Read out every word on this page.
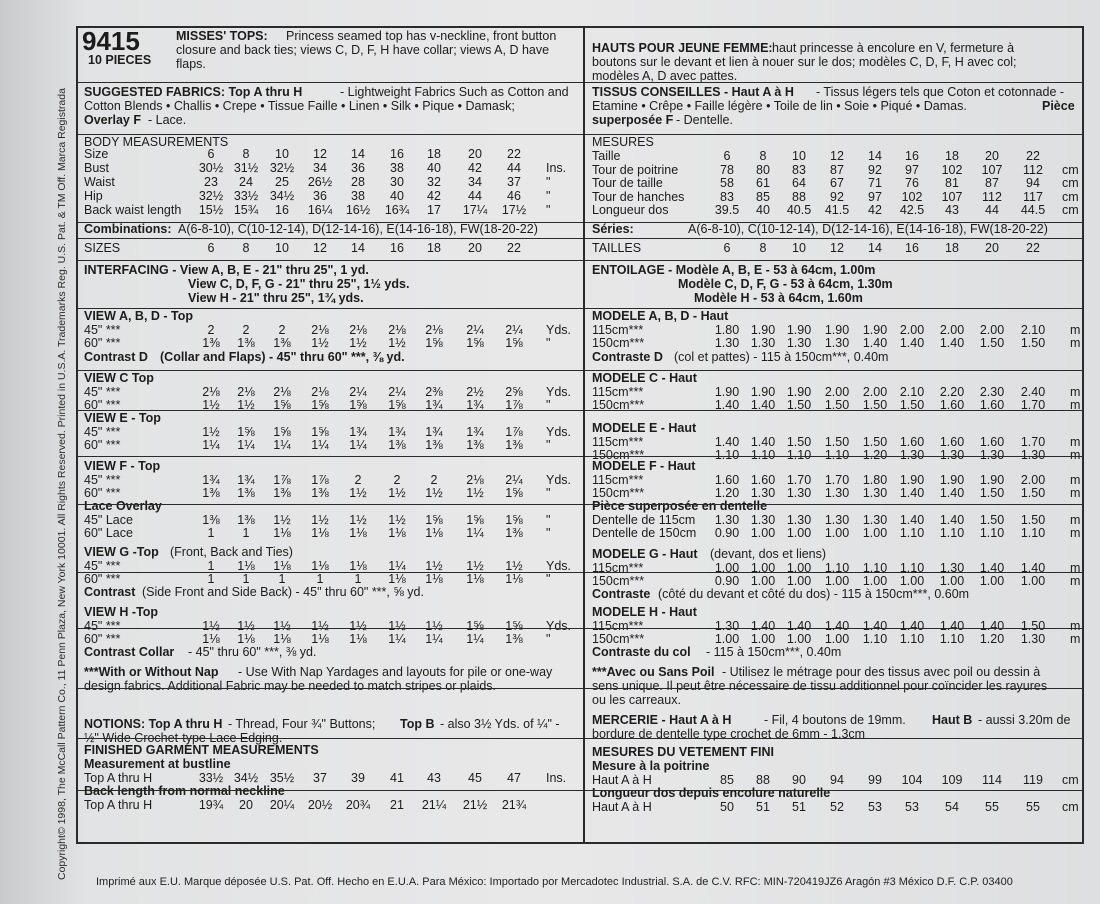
Copyright© 1998, The McCall Pattern Co., 11 Penn Plaza, New York 10001. All Rights Reserved. Printed in U.S.A. Trademarks Reg. U.S. Pat. & TM Off. Marca Registrada
9415
10 PIECES
MISSES' TOPS: Princess seamed top has v-neckline, front button
closure and back ties; views C, D, F, H have collar; views A, D have
flaps.
SUGGESTED FABRICS: Top A thru H	- Lightweight Fabrics Such as Cotton and
Cotton Blends • Challis • Crepe • Tissue Faille • Linen • Silk • Pique • Damask;
Overlay F - Lace.
BODY MEASUREMENTS
Size	6	8	10	12	14	16	18	20	22
Bust	30½ 31½ 32½	34	36	38	40	42	44	Ins.
Waist	23	24	25	26½	28	30	32	34	37	"
Hip	32½ 33½ 34½	36	38	40	42	44	46	"
Back waist length	15½ 15¾	16	16¼	16½	16¾	17	17¼	17½	"
Combinations: A(6-8-10), C(10-12-14), D(12-14-16), E(14-16-18), FW(18-20-22)
SIZES	6	8	10	12	14	16	18	20	22
INTERFACING - View A, B, E - 21" thru 25", 1 yd.
View C, D, F, G - 21" thru 25", 1½ yds.
View H - 21" thru 25", 1¾ yds.
VIEW A, B, D - Top
45" ***	2	2	2	2⅛	2⅛	2⅛	2⅛	2¼	2¼	Yds.
60" ***	1⅜	1⅜	1⅜	1½	1½	1½	1⅝	1⅝	1⅝	"
Contrast D (Collar and Flaps) - 45" thru 60" ***, ⅜ yd.
VIEW C Top
45" ***	2⅛	2⅛	2⅛	2⅛	2¼	2¼	2⅜	2½	2⅝	Yds.
60" ***	1½	1½	1⅝	1⅝	1⅝	1⅝	1¾	1¾	1⅞	"
VIEW E - Top
45" ***	1½	1⅝	1⅝	1⅝	1¾	1¾	1¾	1¾	1⅞	Yds.
60" ***	1¼	1¼	1¼	1¼	1¼	1⅜	1⅜	1⅜	1⅜	"
VIEW F - Top
45" ***	1¾	1¾	1⅞	1⅞	2	2	2	2⅛	2¼	Yds.
60" ***	1⅜	1⅜	1⅜	1⅜	1½	1½	1½	1½	1⅝	"
Lace Overlay
45" Lace	1⅜	1⅜	1½	1½	1½	1½	1⅝	1⅝	1⅝	"
60" Lace	1	1	1⅛	1⅛	1⅛	1⅛	1⅛	1¼	1⅜	"
VIEW G -Top (Front, Back and Ties)
45" ***	1	1⅛	1⅛	1⅛	1⅛	1¼	1½	1½	1½	Yds.
60" ***	1	1	1	1	1	1⅛	1⅛	1⅛	1⅛	"
Contrast (Side Front and Side Back) - 45" thru 60" ***, ⅝ yd.
VIEW H -Top
45" ***	1½	1½	1½	1½	1½	1½	1½	1⅝	1⅝	Yds.
60" ***	1⅛	1⅛	1⅛	1⅛	1⅛	1¼	1¼	1¼	1⅜	"
Contrast Collar - 45" thru 60" ***, ⅜ yd.
***With or Without Nap - Use With Nap Yardages and layouts for pile or one-way
design fabrics. Additional Fabric may be needed to match stripes or plaids.
NOTIONS: Top A thru H - Thread, Four ¾" Buttons; Top B - also 3½ Yds. of ¼" -
½" Wide Crochet-type Lace Edging.
FINISHED GARMENT MEASUREMENTS
Measurement at bustline
Top A thru H	33½ 34½ 35½	37	39	41	43	45	47	Ins.
Back length from normal neckline
Top A thru H	19¾	20	20¼	20½	20¾	21	21¼	21½	21¾
HAUTS POUR JEUNE FEMME: haut princesse à encolure en V, fermeture à
boutons sur le devant et lien à nouer sur le dos; modèles C, D, F, H avec col;
modèles A, D avec pattes.
TISSUS CONSEILLES - Haut A à H - Tissus légers tels que Coton et cotonnade -
Etamine • Crêpe • Faille légère • Toile de lin • Soie • Piqué • Damas.	Pièce
superposée F - Dentelle.
MESURES
Taille	6	8	10	12	14	16	18	20	22
Tour de poitrine	78	80	83	87	92	97	102	107	112	cm
Tour de taille	58	61	64	67	71	76	81	87	94	cm
Tour de hanches	83	85	88	92	97	102	107	112	117	cm
Longueur dos	39.5	40	40.5	41.5	42	42.5	43	44	44.5	cm
Séries:	A(6-8-10), C(10-12-14), D(12-14-16), E(14-16-18), FW(18-20-22)
TAILLES	6	8	10	12	14	16	18	20	22
ENTOILAGE - Modèle A, B, E - 53 à 64cm, 1.00m
Modèle C, D, F, G - 53 à 64cm, 1.30m
Modèle H - 53 à 64cm, 1.60m
MODELE A, B, D - Haut
115cm***	1.80 1.90 1.90	1.90	1.90	2.00	2.00	2.00	2.10	m
150cm***	1.30 1.30 1.30	1.30	1.40	1.40	1.40	1.50	1.50	m
Contraste D (col et pattes) - 115 à 150cm***, 0.40m
MODELE C - Haut
115cm***	1.90 1.90 1.90	2.00	2.00	2.10	2.20	2.30	2.40	m
150cm***	1.40 1.40 1.50	1.50	1.50	1.50	1.60	1.60	1.70	m
MODELE E - Haut
115cm***	1.40 1.40 1.50	1.50	1.50	1.60	1.60	1.60	1.70	m
150cm***	1.10 1.10 1.10	1.10	1.20	1.30	1.30	1.30	1.30	m
MODELE F - Haut
115cm***	1.60 1.60 1.70	1.70	1.80	1.90	1.90	1.90	2.00	m
150cm***	1.20 1.30 1.30	1.30	1.30	1.40	1.40	1.50	1.50	m
Pièce superposée en dentelle
Dentelle de 115cm	1.30 1.30 1.30	1.30	1.30	1.40	1.40	1.50	1.50	m
Dentelle de 150cm	0.90 1.00 1.00	1.00	1.00	1.10	1.10	1.10	1.10	m
MODELE G - Haut (devant, dos et liens)
115cm***	1.00 1.00 1.00	1.10	1.10	1.10	1.30	1.40	1.40	m
150cm***	0.90 1.00 1.00	1.00	1.00	1.00	1.00	1.00	1.00	m
Contraste (côté du devant et côté du dos) - 115 à 150cm***, 0.60m
MODELE H - Haut
115cm***	1.30 1.40 1.40	1.40	1.40	1.40	1.40	1.40	1.50	m
150cm***	1.00 1.00 1.00	1.00	1.10	1.10	1.10	1.20	1.30	m
Contraste du col - 115 à 150cm***, 0.40m
***Avec ou Sans Poil - Utilisez le métrage pour des tissus avec poil ou dessin à
sens unique. Il peut être nécessaire de tissu additionnel pour coïncider les rayures
ou les carreaux.
MERCERIE - Haut A à H	- Fil, 4 boutons de 19mm. Haut B - aussi 3.20m de
bordure de dentelle type crochet de 6mm - 1.3cm
MESURES DU VETEMENT FINI
Mesure à la poitrine
Haut A à H	85	88	90	94	99	104	109	114	119	cm
Longueur dos depuis encolure naturelle
Haut A à H	50	51	51	52	53	53	54	55	55	cm
Imprimé aux E.U. Marque déposée U.S. Pat. Off. Hecho en E.U.A. Para México: Importado por Mercadotec Industrial. S.A. de C.V. RFC: MIN-720419JZ6 Aragón #3 México D.F. C.P. 03400
